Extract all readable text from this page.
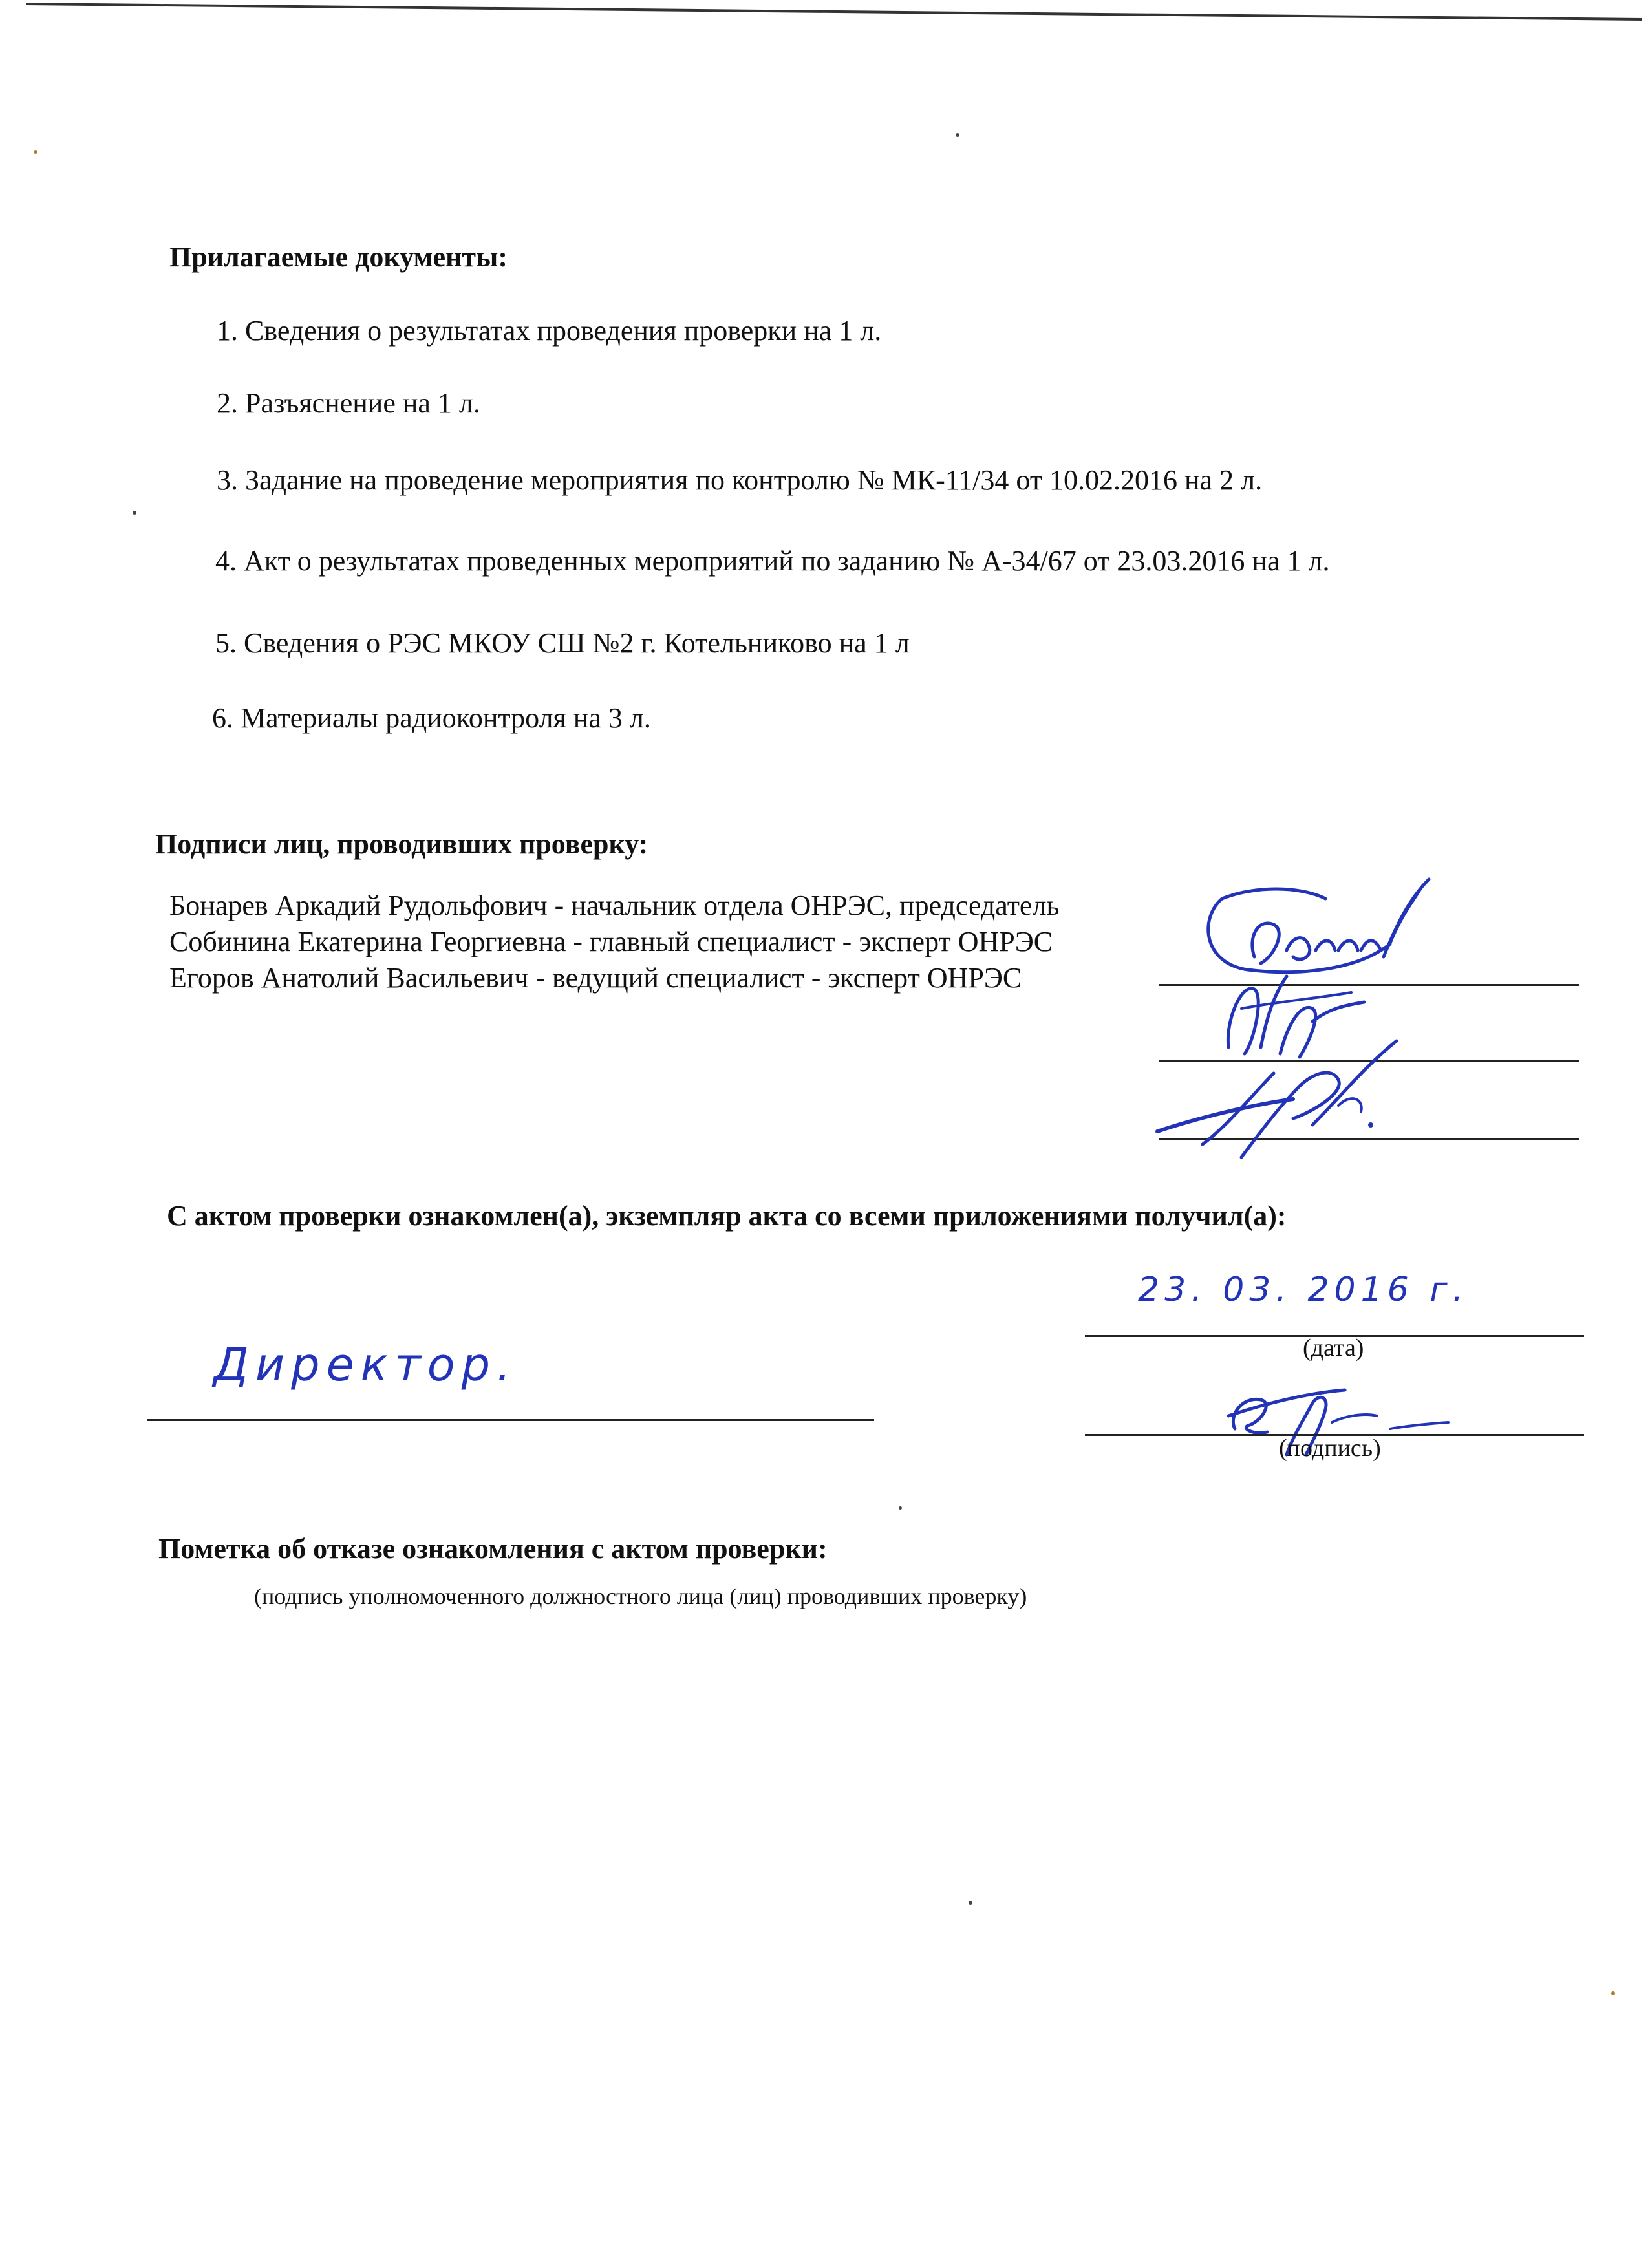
Прилагаемые документы:
1. Сведения о результатах проведения проверки на 1 л.
2. Разъяснение на 1 л.
3. Задание на проведение мероприятия по контролю № МК-11/34 от 10.02.2016 на 2 л.
4. Акт о результатах проведенных мероприятий по заданию № А-34/67 от 23.03.2016 на 1 л.
5. Сведения о РЭС МКОУ СШ №2 г. Котельниково на 1 л
6. Материалы радиоконтроля на 3 л.
Подписи лиц, проводивших проверку:
Бонарев Аркадий Рудольфович - начальник отдела ОНРЭС, председатель
Собинина Екатерина Георгиевна - главный специалист - эксперт ОНРЭС
Егоров Анатолий Васильевич - ведущий специалист - эксперт ОНРЭС
С актом проверки ознакомлен(а), экземпляр акта со всеми приложениями получил(а):
Директор.
23. 03. 2016 г.
(дата)
(подпись)
Пометка об отказе ознакомления с актом проверки:
(подпись уполномоченного должностного лица (лиц) проводивших проверку)
